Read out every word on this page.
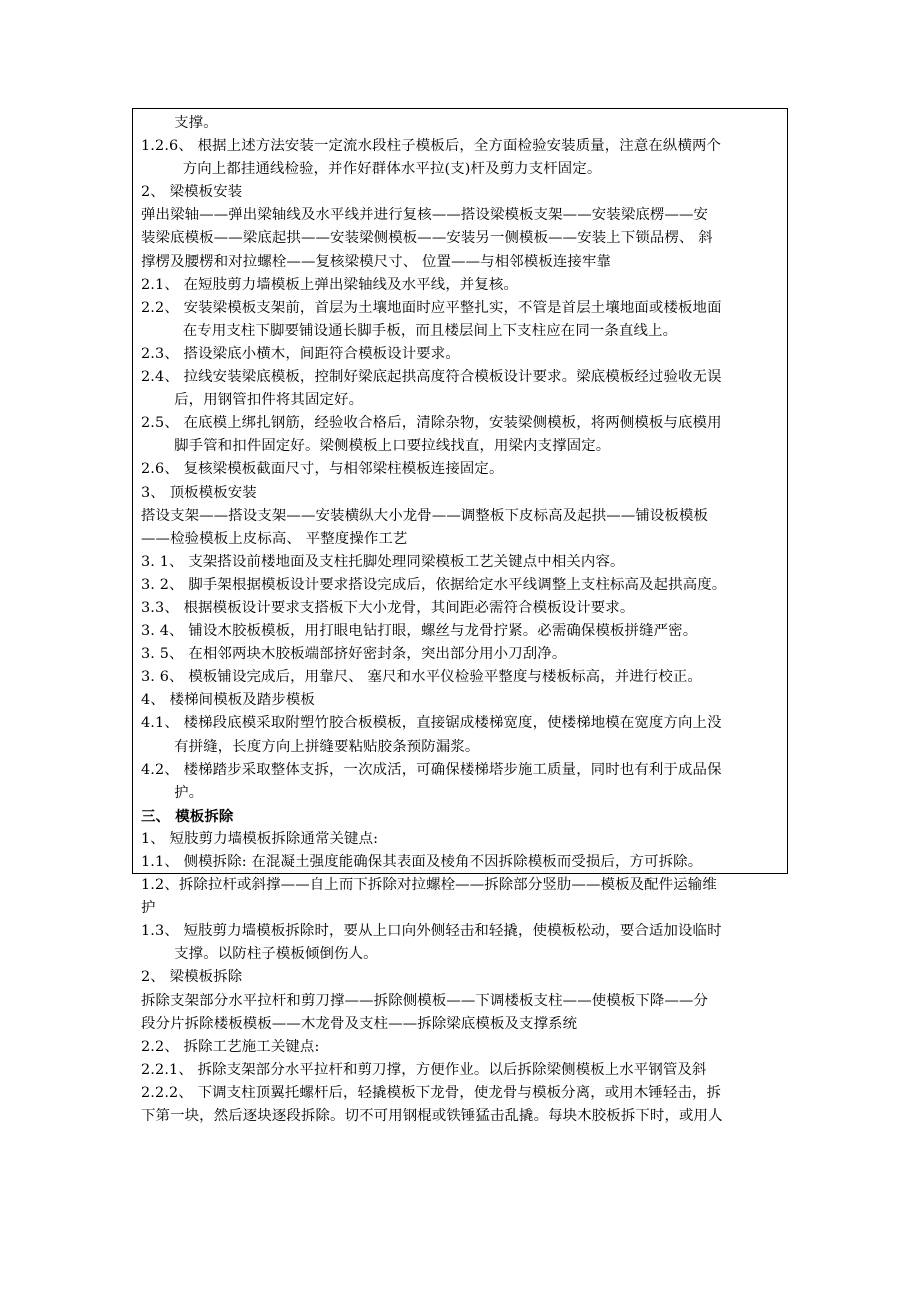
支撑。

1.2.6、 根据上述方法安装一定流水段柱子模板后，全方面检验安装质量，注意在纵横两个

方向上都挂通线检验，并作好群体水平拉(支)杆及剪力支杆固定。

2、 梁模板安装

弹出梁轴——弹出梁轴线及水平线并进行复核——搭设梁模板支架——安装梁底楞——安

装梁底模板——梁底起拱——安装梁侧模板——安装另一侧模板——安装上下锁品楞、 斜

撑楞及腰楞和对拉螺栓——复核梁模尺寸、 位置——与相邻模板连接牢靠

2.1、 在短肢剪力墙模板上弹出梁轴线及水平线，并复核。

2.2、 安装梁模板支架前，首层为土壤地面时应平整扎实，不管是首层土壤地面或楼板地面

在专用支柱下脚要铺设通长脚手板，而且楼层间上下支柱应在同一条直线上。

2.3、 搭设梁底小横木，间距符合模板设计要求。

2.4、 拉线安装梁底模板，控制好梁底起拱高度符合模板设计要求。梁底模板经过验收无误

后，用钢管扣件将其固定好。

2.5、 在底模上绑扎钢筋，经验收合格后，清除杂物，安装梁侧模板，将两侧模板与底模用

脚手管和扣件固定好。梁侧模板上口要拉线找直，用梁内支撑固定。

2.6、 复核梁模板截面尺寸，与相邻梁柱模板连接固定。

3、 顶板模板安装

搭设支架——搭设支架——安装横纵大小龙骨——调整板下皮标高及起拱——铺设板模板

——检验模板上皮标高、 平整度操作工艺

3. 1、 支架搭设前楼地面及支柱托脚处理同梁模板工艺关键点中相关内容。

3. 2、 脚手架根据模板设计要求搭设完成后，依据给定水平线调整上支柱标高及起拱高度。

3.3、 根据模板设计要求支搭板下大小龙骨，其间距必需符合模板设计要求。

3. 4、 铺设木胶板模板，用打眼电钻打眼，螺丝与龙骨拧紧。必需确保模板拼缝严密。

3. 5、 在相邻两块木胶板端部挤好密封条，突出部分用小刀刮净。

3. 6、 模板铺设完成后，用靠尺、 塞尺和水平仪检验平整度与楼板标高，并进行校正。

4、 楼梯间模板及踏步模板

4.1、 楼梯段底模采取附塑竹胶合板模板，直接锯成楼梯宽度，使楼梯地模在宽度方向上没

有拼缝，长度方向上拼缝要粘贴胶条预防漏浆。

4.2、 楼梯踏步采取整体支拆，一次成活，可确保楼梯塔步施工质量，同时也有利于成品保

护。

三、 模板拆除

1、 短肢剪力墙模板拆除通常关键点:

1.1、 侧模拆除: 在混凝土强度能确保其表面及棱角不因拆除模板而受损后，方可拆除。

1.2、拆除拉杆或斜撑——自上而下拆除对拉螺栓——拆除部分竖肋——模板及配件运输维

护

1.3、 短肢剪力墙模板拆除时，要从上口向外侧轻击和轻撬，使模板松动，要合适加设临时

支撑。以防柱子模板倾倒伤人。

2、 梁模板拆除

拆除支架部分水平拉杆和剪刀撑——拆除侧模板——下调楼板支柱——使模板下降——分

段分片拆除楼板模板——木龙骨及支柱——拆除梁底模板及支撑系统

2.2、 拆除工艺施工关键点:

2.2.1、 拆除支架部分水平拉杆和剪刀撑，方便作业。以后拆除梁侧模板上水平钢管及斜

2.2.2、 下调支柱顶翼托螺杆后，轻撬模板下龙骨，使龙骨与模板分离，或用木锤轻击，拆

下第一块，然后逐块逐段拆除。切不可用钢棍或铁锤猛击乱撬。每块木胶板拆下时，或用人
